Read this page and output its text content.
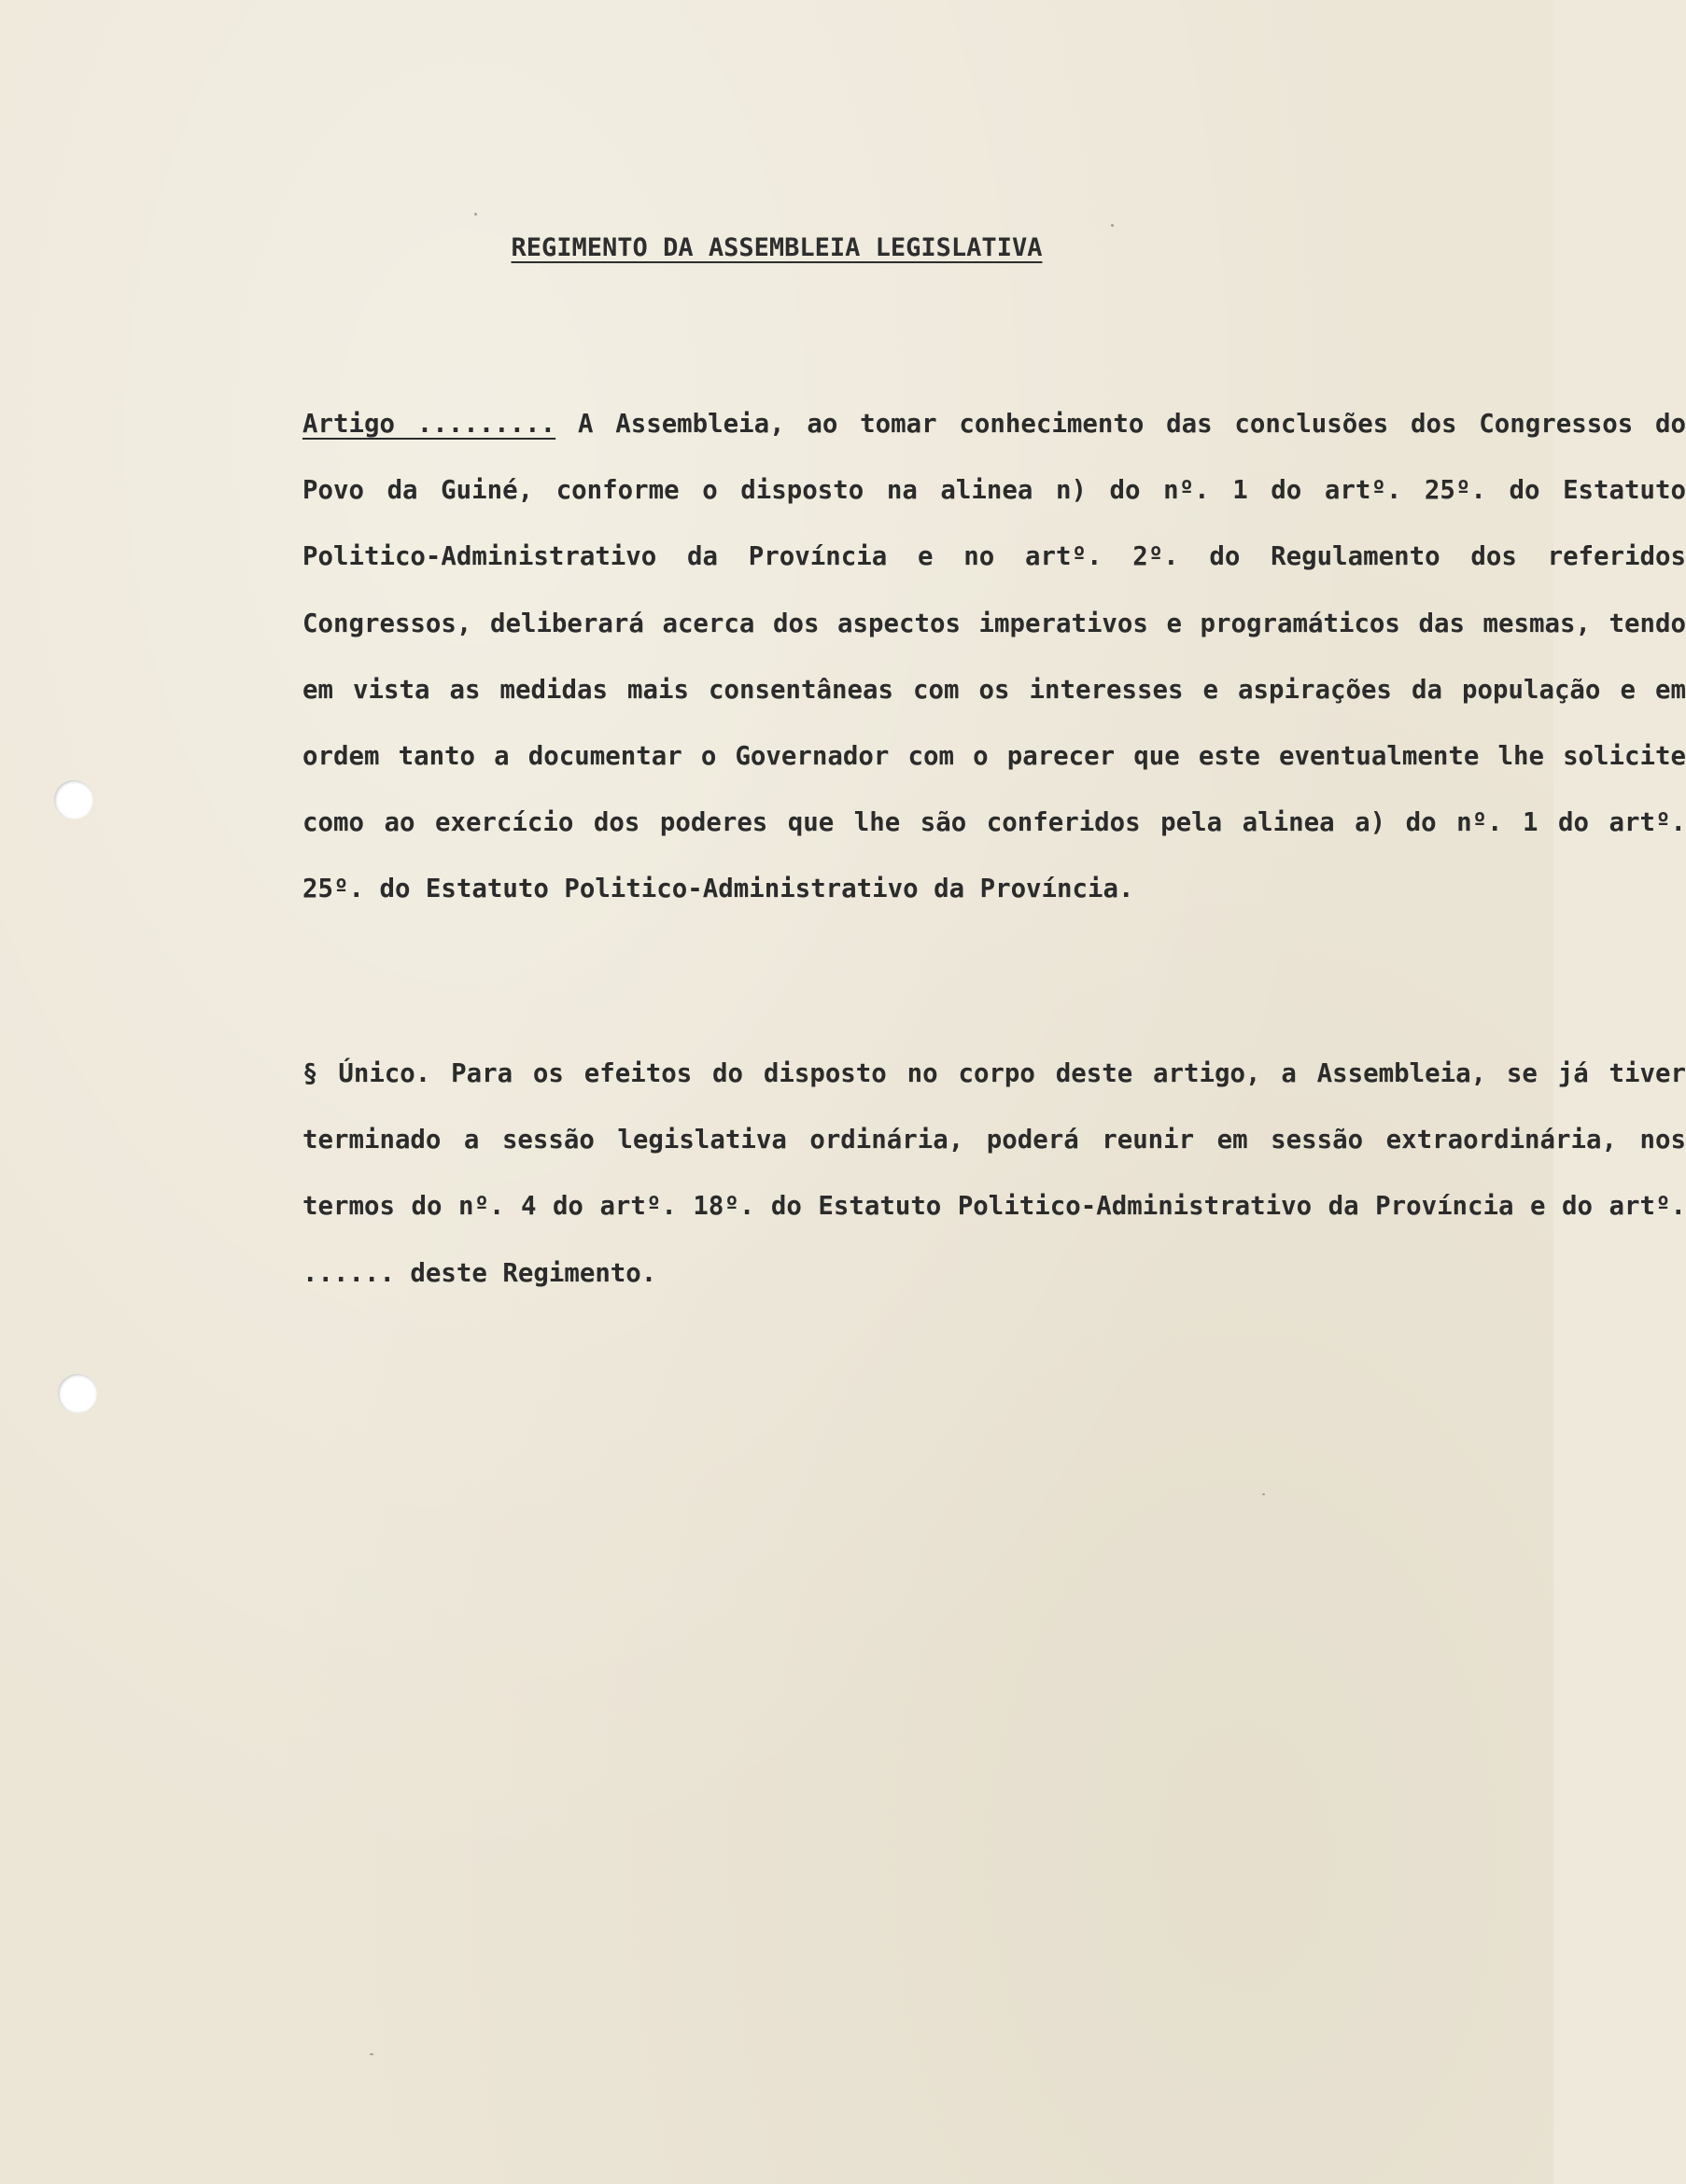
REGIMENTO DA ASSEMBLEIA LEGISLATIVA

Artigo ......... A Assembleia, ao tomar conhecimento das conclusões dos Congressos do Povo da Guiné, conforme o disposto na alinea n) do nº. 1 do artº. 25º. do Estatuto Politico-Administrativo da Província e no artº. 2º. do Regulamento dos referidos Congressos, deliberará acerca dos aspectos imperativos e programáticos das mesmas, tendo em vista as medidas mais consentâneas com os interesses e aspirações da população e em ordem tanto a documentar o Governador com o parecer que este eventualmente lhe solicite como ao exercício dos poderes que lhe são conferidos pela alinea a) do nº. 1 do artº. 25º. do Estatuto Politico-Administrativo da Província.

§ Único. Para os efeitos do disposto no corpo deste artigo, a Assembleia, se já tiver terminado a sessão legislativa ordinária, poderá reunir em sessão extraordinária, nos termos do nº. 4 do artº. 18º. do Estatuto Politico-Administrativo da Província e do artº. ...... deste Regimento.
